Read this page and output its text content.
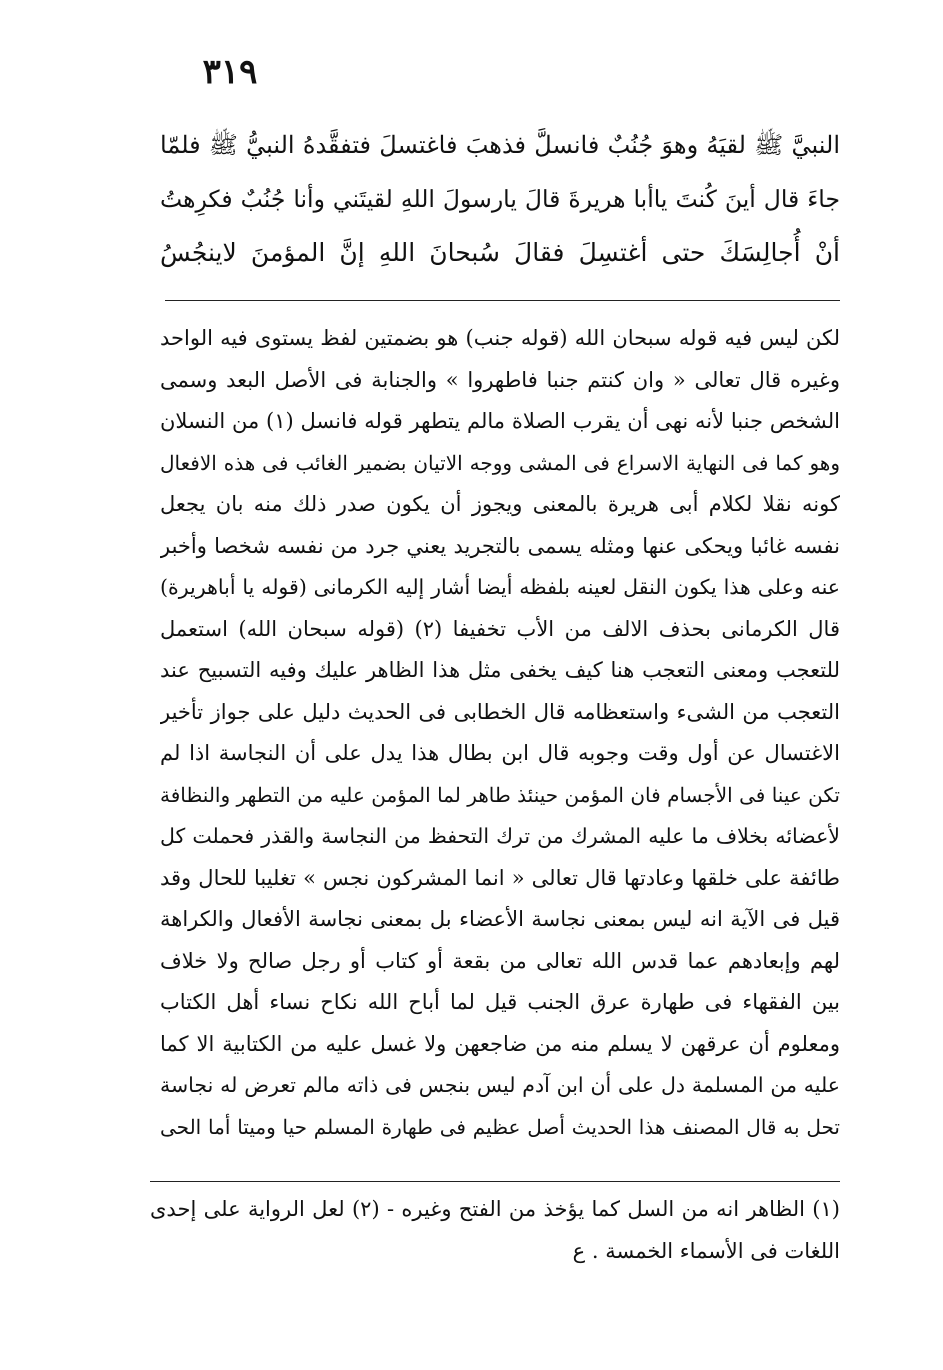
٣١٩
النبيَّ ﷺ لقيَهُ وهوَ جُنُبٌ فانسلَّ فذهبَ فاغتسلَ فتفقَّدهُ النبيُّ ﷺ فلمّا
جاءَ قال أينَ كُنتَ ياأبا هريرةَ قالَ يارسولَ اللهِ لقيتَني وأنا جُنُبٌ فكرِهتُ
أنْ أُجالِسَكَ حتى أغتسِلَ فقالَ سُبحانَ اللهِ إنَّ المؤمنَ لاينجُسُ
لكن ليس فيه قوله سبحان الله (قوله جنب) هو بضمتين لفظ يستوى فيه الواحد
وغيره قال تعالى « وان كنتم جنبا فاطهروا » والجنابة فى الأصل البعد وسمى
الشخص جنبا لأنه نهى أن يقرب الصلاة مالم يتطهر قوله فانسل (١) من النسلان
وهو كما فى النهاية الاسراع فى المشى ووجه الاتيان بضمير الغائب فى هذه الافعال
كونه نقلا لكلام أبى هريرة بالمعنى ويجوز أن يكون صدر ذلك منه بان يجعل
نفسه غائبا ويحكى عنها ومثله يسمى بالتجريد يعني جرد من نفسه شخصا وأخبر
عنه وعلى هذا يكون النقل لعينه بلفظه أيضا أشار إليه الكرمانى (قوله يا أباهريرة)
قال الكرمانى بحذف الالف من الأب تخفيفا (٢) (قوله سبحان الله) استعمل
للتعجب ومعنى التعجب هنا كيف يخفى مثل هذا الظاهر عليك وفيه التسبيح عند
التعجب من الشىء واستعظامه قال الخطابى فى الحديث دليل على جواز تأخير
الاغتسال عن أول وقت وجوبه قال ابن بطال هذا يدل على أن النجاسة اذا لم
تكن عينا فى الأجسام فان المؤمن حينئذ طاهر لما المؤمن عليه من التطهر والنظافة
لأعضائه بخلاف ما عليه المشرك من ترك التحفظ من النجاسة والقذر فحملت كل
طائفة على خلقها وعادتها قال تعالى « انما المشركون نجس » تغليبا للحال وقد
قيل فى الآية انه ليس بمعنى نجاسة الأعضاء بل بمعنى نجاسة الأفعال والكراهة
لهم وإبعادهم عما قدس الله تعالى من بقعة أو كتاب أو رجل صالح ولا خلاف
بين الفقهاء فى طهارة عرق الجنب قيل لما أباح الله نكاح نساء أهل الكتاب
ومعلوم أن عرقهن لا يسلم منه من ضاجعهن ولا غسل عليه من الكتابية الا كما
عليه من المسلمة دل على أن ابن آدم ليس بنجس فى ذاته مالم تعرض له نجاسة
تحل به قال المصنف هذا الحديث أصل عظيم فى طهارة المسلم حيا وميتا أما الحى
(١) الظاهر انه من السل كما يؤخذ من الفتح وغيره - (٢) لعل الرواية على إحدى
اللغات فى الأسماء الخمسة . ع
